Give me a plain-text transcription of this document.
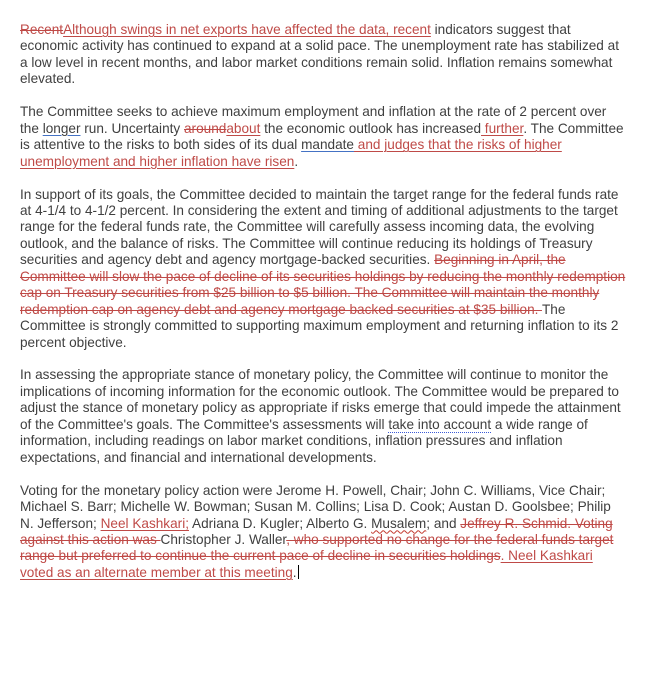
RecentAlthough swings in net exports have affected the data, recent indicators suggest that economic activity has continued to expand at a solid pace. The unemployment rate has stabilized at a low level in recent months, and labor market conditions remain solid. Inflation remains somewhat elevated.

The Committee seeks to achieve maximum employment and inflation at the rate of 2 percent over the longer run. Uncertainty aroundabout the economic outlook has increased further. The Committee is attentive to the risks to both sides of its dual mandate and judges that the risks of higher unemployment and higher inflation have risen.

In support of its goals, the Committee decided to maintain the target range for the federal funds rate at 4-1/4 to 4-1/2 percent. In considering the extent and timing of additional adjustments to the target range for the federal funds rate, the Committee will carefully assess incoming data, the evolving outlook, and the balance of risks. The Committee will continue reducing its holdings of Treasury securities and agency debt and agency mortgage-backed securities. Beginning in April, the Committee will slow the pace of decline of its securities holdings by reducing the monthly redemption cap on Treasury securities from $25 billion to $5 billion. The Committee will maintain the monthly redemption cap on agency debt and agency mortgage backed securities at $35 billion. The Committee is strongly committed to supporting maximum employment and returning inflation to its 2 percent objective.

In assessing the appropriate stance of monetary policy, the Committee will continue to monitor the implications of incoming information for the economic outlook. The Committee would be prepared to adjust the stance of monetary policy as appropriate if risks emerge that could impede the attainment of the Committee's goals. The Committee's assessments will take into account a wide range of information, including readings on labor market conditions, inflation pressures and inflation expectations, and financial and international developments.

Voting for the monetary policy action were Jerome H. Powell, Chair; John C. Williams, Vice Chair; Michael S. Barr; Michelle W. Bowman; Susan M. Collins; Lisa D. Cook; Austan D. Goolsbee; Philip N. Jefferson; Neel Kashkari; Adriana D. Kugler; Alberto G. Musalem; and Jeffrey R. Schmid. Voting against this action was Christopher J. Waller, who supported no change for the federal funds target range but preferred to continue the current pace of decline in securities holdings. Neel Kashkari voted as an alternate member at this meeting.
